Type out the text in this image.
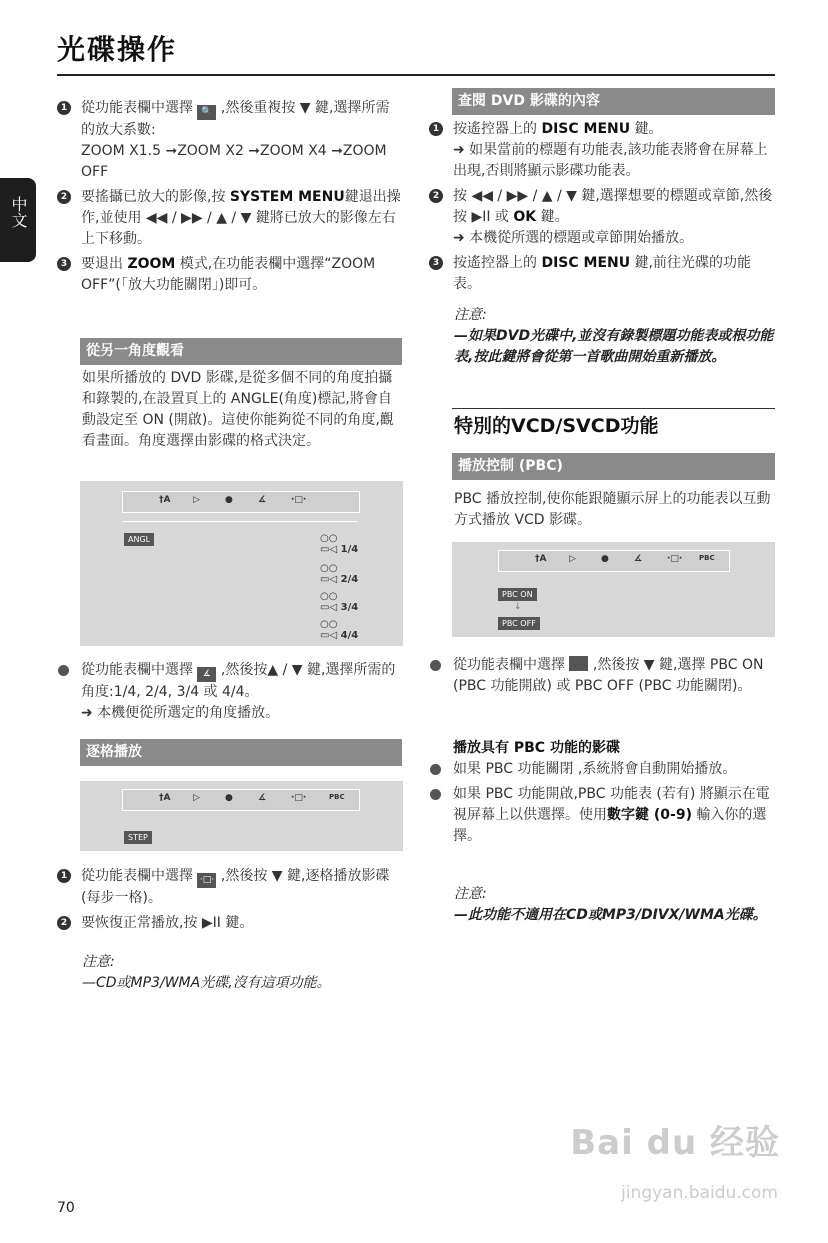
光碟操作
中文
1 從功能表欄中選擇 🔍 ,然後重複按 ▼ 鍵,選擇所需的放大系數:
ZOOM X1.5 ➞ZOOM X2 ➞ZOOM X4 ➞ZOOM OFF
2 要搖攝已放大的影像,按 SYSTEM MENU鍵退出操作,並使用 ◀◀ / ▶▶ / ▲ / ▼ 鍵將已放大的影像左右上下移動。
3 要退出 ZOOM 模式,在功能表欄中選擇“ZOOM OFF”(「放大功能關閉」)即可。
從另一角度觀看
如果所播放的 DVD 影碟,是從多個不同的角度拍攝和錄製的,在設置頁上的 ANGLE(角度)標記,將會自動設定至 ON (開啟)。這使你能夠從不同的角度,觀看畫面。角度選擇由影碟的格式決定。
†A	▷	●	∡	·□·
ANGL	○○
▭◁ 1/4
○○
▭◁ 2/4
○○
▭◁ 3/4
○○
▭◁ 4/4
從功能表欄中選擇 ∡ ,然後按▲ / ▼ 鍵,選擇所需的角度:1/4, 2/4, 3/4 或 4/4。
➜ 本機便從所選定的角度播放。
逐格播放
†A	▷	●	∡	·□·	PBC
STEP
1 從功能表欄中選擇 ·□· ,然後按 ▼ 鍵,逐格播放影碟 (每步一格)。
2 要恢復正常播放,按 ▶II 鍵。
注意:
—CD或MP3/WMA光碟,沒有這項功能。
查閱 DVD 影碟的內容
1 按遙控器上的 DISC MENU 鍵。
➜ 如果當前的標題有功能表,該功能表將會在屏幕上出現,否則將顯示影碟功能表。
2 按 ◀◀ / ▶▶ / ▲ / ▼ 鍵,選擇想要的標題或章節,然後按 ▶II 或 OK 鍵。
➜ 本機從所選的標題或章節開始播放。
3 按遙控器上的 DISC MENU 鍵,前往光碟的功能表。
注意:
—如果DVD光碟中,並沒有錄製標題功能表或根功能表,按此鍵將會從第一首歌曲開始重新播放。
特別的VCD/SVCD功能
播放控制 (PBC)
PBC 播放控制,使你能跟隨顯示屏上的功能表以互動方式播放 VCD 影碟。
†A	▷	●	∡	·□· PBC
PBC ON
↓
PBC OFF
從功能表欄中選擇 ,然後按 ▼ 鍵,選擇 PBC ON (PBC 功能開啟) 或 PBC OFF (PBC 功能關閉)。
播放具有 PBC 功能的影碟
如果 PBC 功能關閉 ,系統將會自動開始播放。
如果 PBC 功能開啟,PBC 功能表 (若有) 將顯示在電視屏幕上以供選擇。使用數字鍵 (0-9) 輸入你的選擇。
注意:
—此功能不適用在CD或MP3/DIVX/WMA光碟。
Bai du 经验
jingyan.baidu.com
70
